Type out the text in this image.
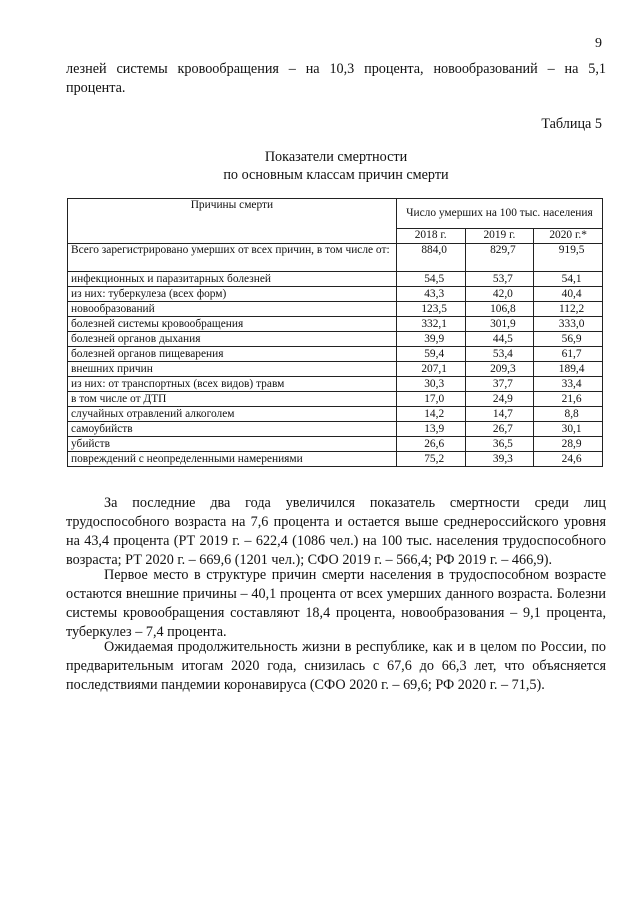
9
лезней системы кровообращения – на 10,3 процента, новообразований – на 5,1 процента.
Таблица 5
Показатели смертности
по основным классам причин смерти
Причины смерти	Число умерших на 100 тыс. населения		
	2018 г.	2019 г.	2020 г.*
Всего зарегистрировано умерших от всех причин, в том числе от:	884,0	829,7	919,5
инфекционных и паразитарных болезней	54,5	53,7	54,1
из них: туберкулеза (всех форм)	43,3	42,0	40,4
новообразований	123,5	106,8	112,2
болезней системы кровообращения	332,1	301,9	333,0
болезней органов дыхания	39,9	44,5	56,9
болезней органов пищеварения	59,4	53,4	61,7
внешних причин	207,1	209,3	189,4
из них: от транспортных (всех видов) травм	30,3	37,7	33,4
в том числе от ДТП	17,0	24,9	21,6
случайных отравлений алкоголем	14,2	14,7	8,8
самоубийств	13,9	26,7	30,1
убийств	26,6	36,5	28,9
повреждений с неопределенными намерениями	75,2	39,3	24,6
За последние два года увеличился показатель смертности среди лиц трудоспособного возраста на 7,6 процента и остается выше среднероссийского уровня на 43,4 процента (РТ 2019 г. – 622,4 (1086 чел.) на 100 тыс. населения трудоспособного возраста; РТ 2020 г. – 669,6 (1201 чел.); СФО 2019 г. – 566,4; РФ 2019 г. – 466,9).
Первое место в структуре причин смерти населения в трудоспособном возрасте остаются внешние причины – 40,1 процента от всех умерших данного возраста. Болезни системы кровообращения составляют 18,4 процента, новообразования – 9,1 процента, туберкулез – 7,4 процента.
Ожидаемая продолжительность жизни в республике, как и в целом по России, по предварительным итогам 2020 года, снизилась с 67,6 до 66,3 лет, что объясняется последствиями пандемии коронавируса (СФО 2020 г. – 69,6; РФ 2020 г. – 71,5).
